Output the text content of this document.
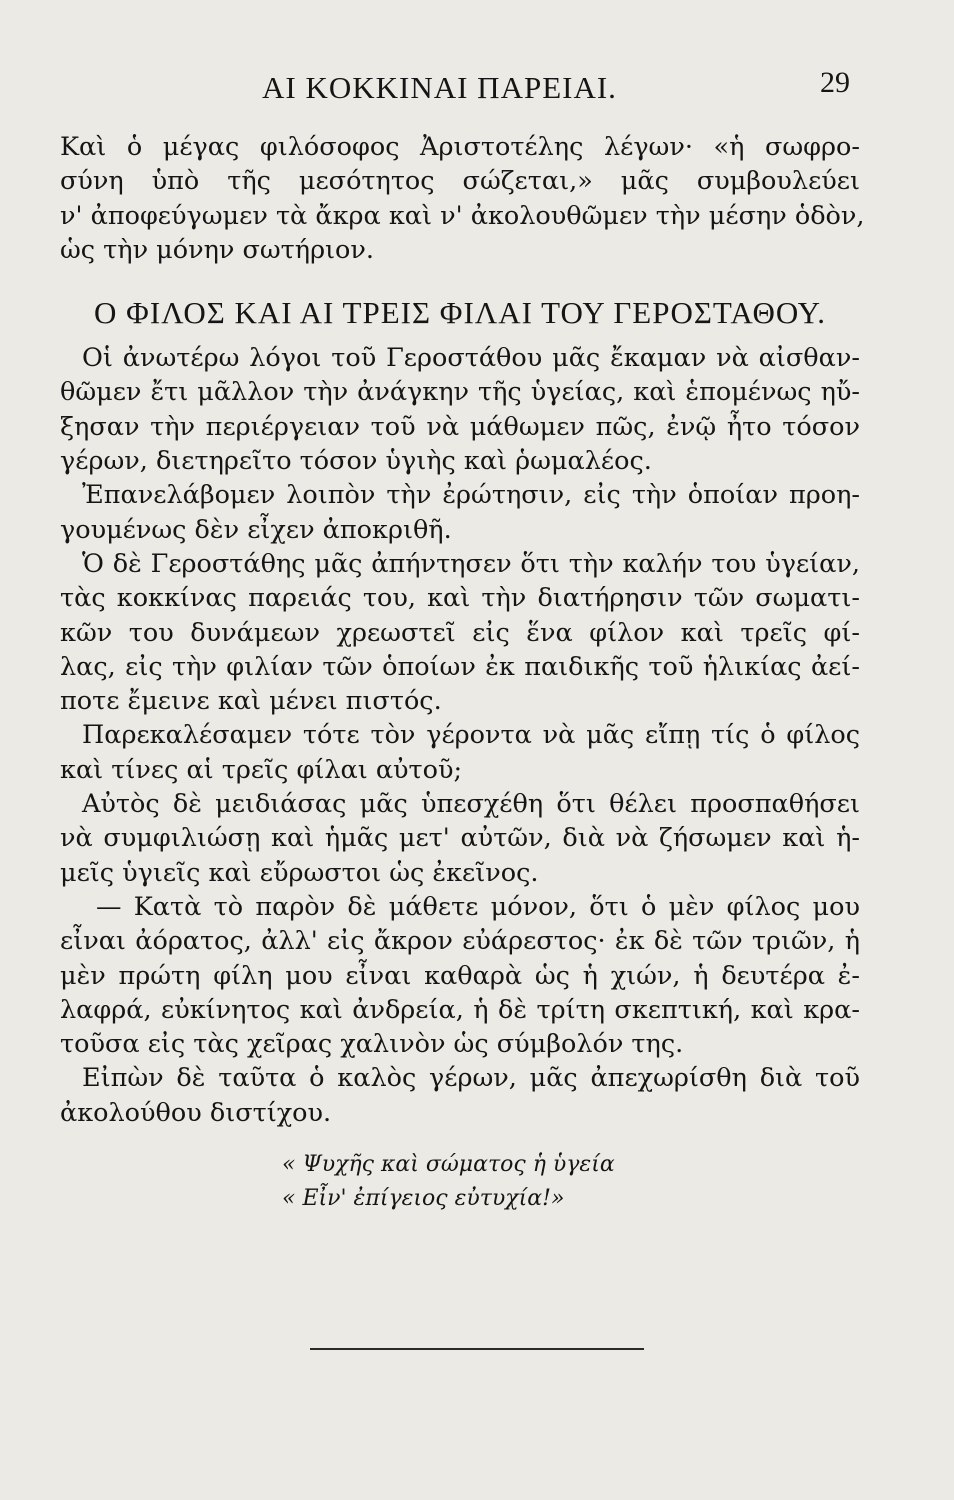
AI KOKKINAI ΠAPEIAI.	29
Καὶ ὁ μέγας φιλόσοφος Ἀριστοτέλης λέγων· «ἡ σωφρο-
σύνη ὑπὸ τῆς μεσότητος σώζεται,» μᾶς συμβουλεύει
ν' ἀποφεύγωμεν τὰ ἄκρα καὶ ν' ἀκολουθῶμεν τὴν μέσην ὁδὸν,
ὡς τὴν μόνην σωτήριον.
Ο ΦΙΛΟΣ ΚΑΙ ΑΙ ΤΡΕΙΣ ΦΙΛΑΙ ΤΟΥ ΓΕΡΟΣΤΑΘΟΥ.
Οἱ ἀνωτέρω λόγοι τοῦ Γεροστάθου μᾶς ἔκαμαν νὰ αἰσθαν-
θῶμεν ἔτι μᾶλλον τὴν ἀνάγκην τῆς ὑγείας, καὶ ἑπομένως ηὔ-
ξησαν τὴν περιέργειαν τοῦ νὰ μάθωμεν πῶς, ἐνῷ ἦτο τόσον
γέρων, διετηρεῖτο τόσον ὑγιὴς καὶ ῥωμαλέος.
Ἐπανελάβομεν λοιπὸν τὴν ἐρώτησιν, εἰς τὴν ὁποίαν προη-
γουμένως δὲν εἶχεν ἀποκριθῆ.
Ὁ δὲ Γεροστάθης μᾶς ἀπήντησεν ὅτι τὴν καλήν του ὑγείαν,
τὰς κοκκίνας παρειάς του, καὶ τὴν διατήρησιν τῶν σωματι-
κῶν του δυνάμεων χρεωστεῖ εἰς ἕνα φίλον καὶ τρεῖς φί-
λας, εἰς τὴν φιλίαν τῶν ὁποίων ἐκ παιδικῆς τοῦ ἡλικίας ἀεί-
ποτε ἔμεινε καὶ μένει πιστός.
Παρεκαλέσαμεν τότε τὸν γέροντα νὰ μᾶς εἴπῃ τίς ὁ φίλος
καὶ τίνες αἱ τρεῖς φίλαι αὐτοῦ;
Αὐτὸς δὲ μειδιάσας μᾶς ὑπεσχέθη ὅτι θέλει προσπαθήσει
νὰ συμφιλιώσῃ καὶ ἡμᾶς μετ' αὐτῶν, διὰ νὰ ζήσωμεν καὶ ἡ-
μεῖς ὑγιεῖς καὶ εὔρωστοι ὡς ἐκεῖνος.
— Κατὰ τὸ παρὸν δὲ μάθετε μόνον, ὅτι ὁ μὲν φίλος μου
εἶναι ἀόρατος, ἀλλ' εἰς ἄκρον εὐάρεστος· ἐκ δὲ τῶν τριῶν, ἡ
μὲν πρώτη φίλη μου εἶναι καθαρὰ ὡς ἡ χιών, ἡ δευτέρα ἐ-
λαφρά, εὐκίνητος καὶ ἀνδρεία, ἡ δὲ τρίτη σκεπτική, καὶ κρα-
τοῦσα εἰς τὰς χεῖρας χαλινὸν ὡς σύμβολόν της.
Εἰπὼν δὲ ταῦτα ὁ καλὸς γέρων, μᾶς ἀπεχωρίσθη διὰ τοῦ
ἀκολούθου διστίχου.
« Ψυχῆς καὶ σώματος ἡ ὑγεία
« Εἶν' ἐπίγειος εὐτυχία!»
